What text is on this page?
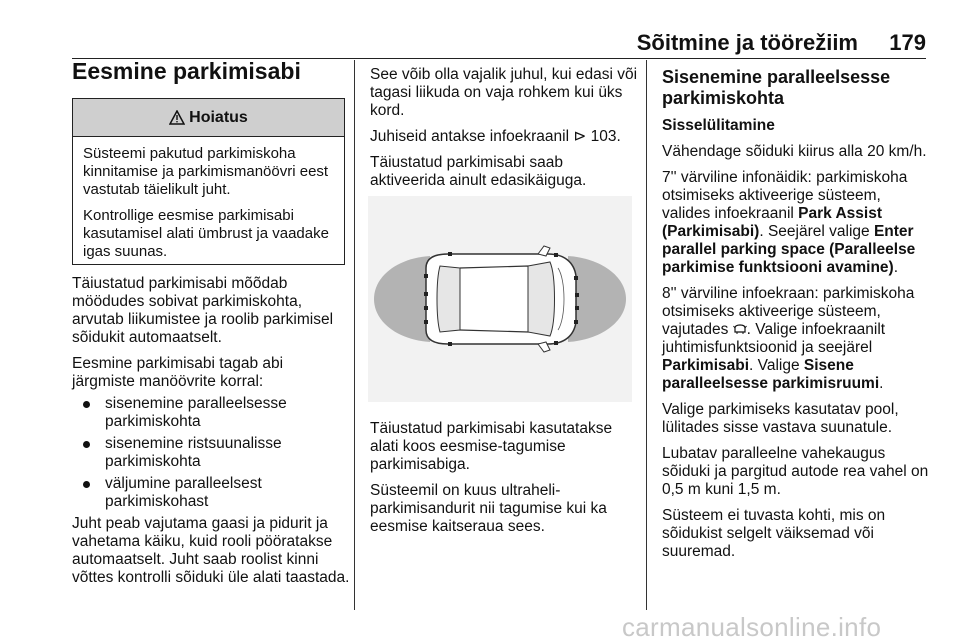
Sõitmine ja töörežiim 179
Eesmine parkimisabi
Hoiatus

Süsteemi pakutud parkimiskoha kinnitamise ja parkimismanöövri eest vastutab täielikult juht.

Kontrollige eesmise parkimisabi kasutamisel alati ümbrust ja vaadake igas suunas.

Täiustatud parkimisabi mõõdab möödudes sobivat parkimiskohta, arvutab liikumistee ja roolib parkimisel sõidukit automaatselt.

Eesmine parkimisabi tagab abi järgmiste manöövrite korral:

sisenemine paralleelsesse parkimiskohta
sisenemine ristsuunalisse parkimiskohta
väljumine paralleelsest parkimiskohast

Juht peab vajutama gaasi ja pidurit ja vahetama käiku, kuid rooli pööratakse automaatselt. Juht saab roolist kinni võttes kontrolli sõiduki üle alati taastada.

See võib olla vajalik juhul, kui edasi või tagasi liikuda on vaja rohkem kui üks kord.

Juhiseid antakse infoekraanil ⊳ 103.

Täiustatud parkimisabi saab aktiveerida ainult edasikäiguga.

Täiustatud parkimisabi kasutatakse alati koos eesmise-tagumise parkimisabiga.

Süsteemil on kuus ultraheli-parkimisandurit nii tagumise kui ka eesmise kaitseraua sees.

Sisenemine paralleelsesse parkimiskohta

Sisselülitamine

Vähendage sõiduki kiirus alla 20 km/h.

7'' värviline infonäidik: parkimiskoha otsimiseks aktiveerige süsteem, valides infoekraanil Park Assist (Parkimisabi). Seejärel valige Enter parallel parking space (Paralleelse parkimise funktsiooni avamine).

8'' värviline infoekraan: parkimiskoha otsimiseks aktiveerige süsteem, vajutades . Valige infoekraanilt juhtimisfunktsioonid ja seejärel Parkimisabi. Valige Sisene paralleelsesse parkimisruumi.

Valige parkimiseks kasutatav pool, lülitades sisse vastava suunatule.

Lubatav paralleelne vahekaugus sõiduki ja pargitud autode rea vahel on 0,5 m kuni 1,5 m.

Süsteem ei tuvasta kohti, mis on sõidukist selgelt väiksemad või suuremad.

carmanualsonline.info
